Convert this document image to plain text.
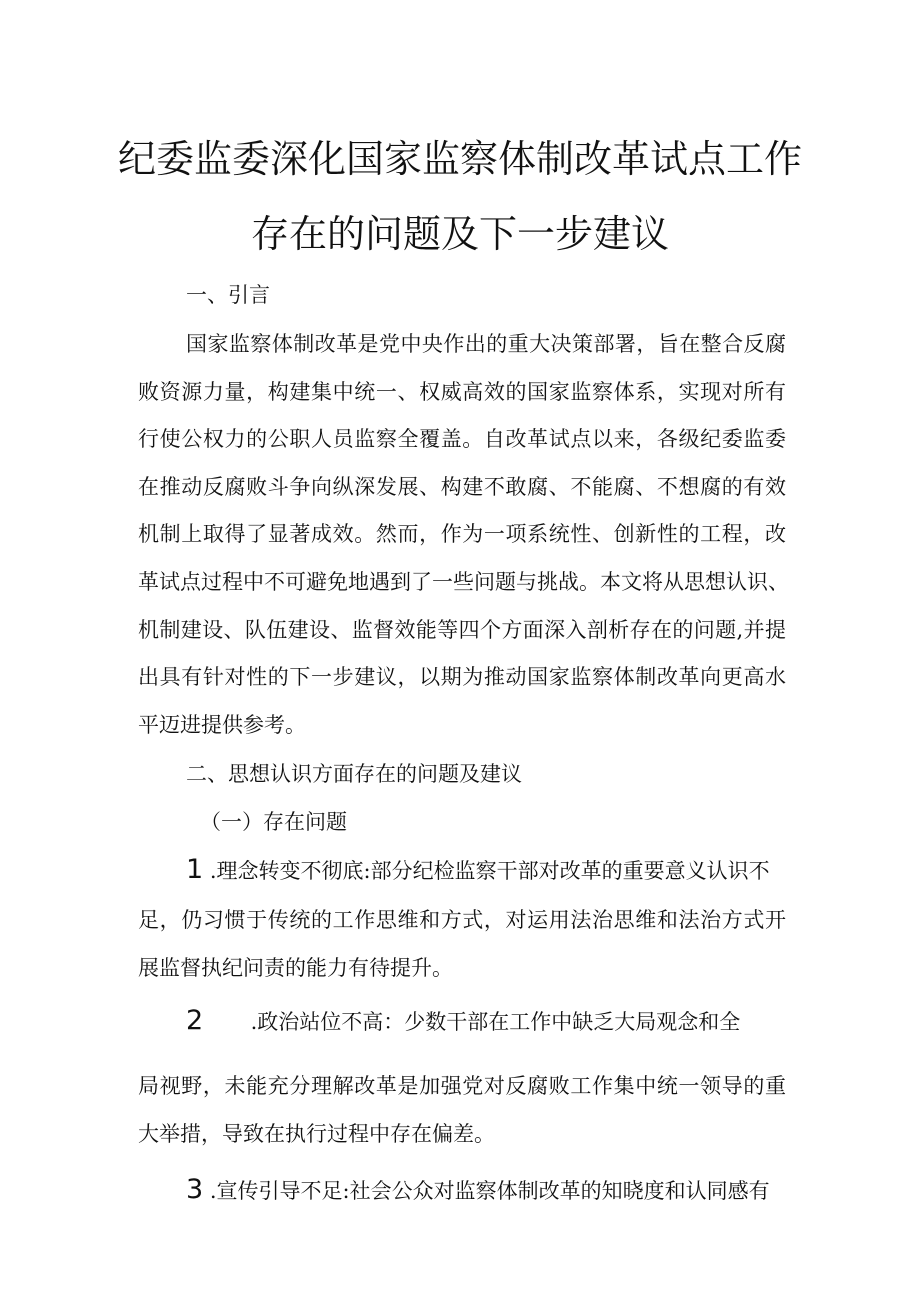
纪委监委深化国家监察体制改革试点工作
存在的问题及下一步建议
一、引言
国家监察体制改革是党中央作出的重大决策部署，旨在整合反腐
败资源力量，构建集中统一、权威高效的国家监察体系，实现对所有
行使公权力的公职人员监察全覆盖。自改革试点以来，各级纪委监委
在推动反腐败斗争向纵深发展、构建不敢腐、不能腐、不想腐的有效
机制上取得了显著成效。然而，作为一项系统性、创新性的工程，改
革试点过程中不可避免地遇到了一些问题与挑战。本文将从思想认识、
机制建设、队伍建设、监督效能等四个方面深入剖析存在的问题,并提
出具有针对性的下一步建议，以期为推动国家监察体制改革向更高水
平迈进提供参考。
二、思想认识方面存在的问题及建议
（一）存在问题
1 .理念转变不彻底:部分纪检监察干部对改革的重要意义认识不
足，仍习惯于传统的工作思维和方式，对运用法治思维和法治方式开
展监督执纪问责的能力有待提升。
2 .政治站位不高：少数干部在工作中缺乏大局观念和全
局视野，未能充分理解改革是加强党对反腐败工作集中统一领导的重
大举措，导致在执行过程中存在偏差。
3 .宣传引导不足:社会公众对监察体制改革的知晓度和认同感有
